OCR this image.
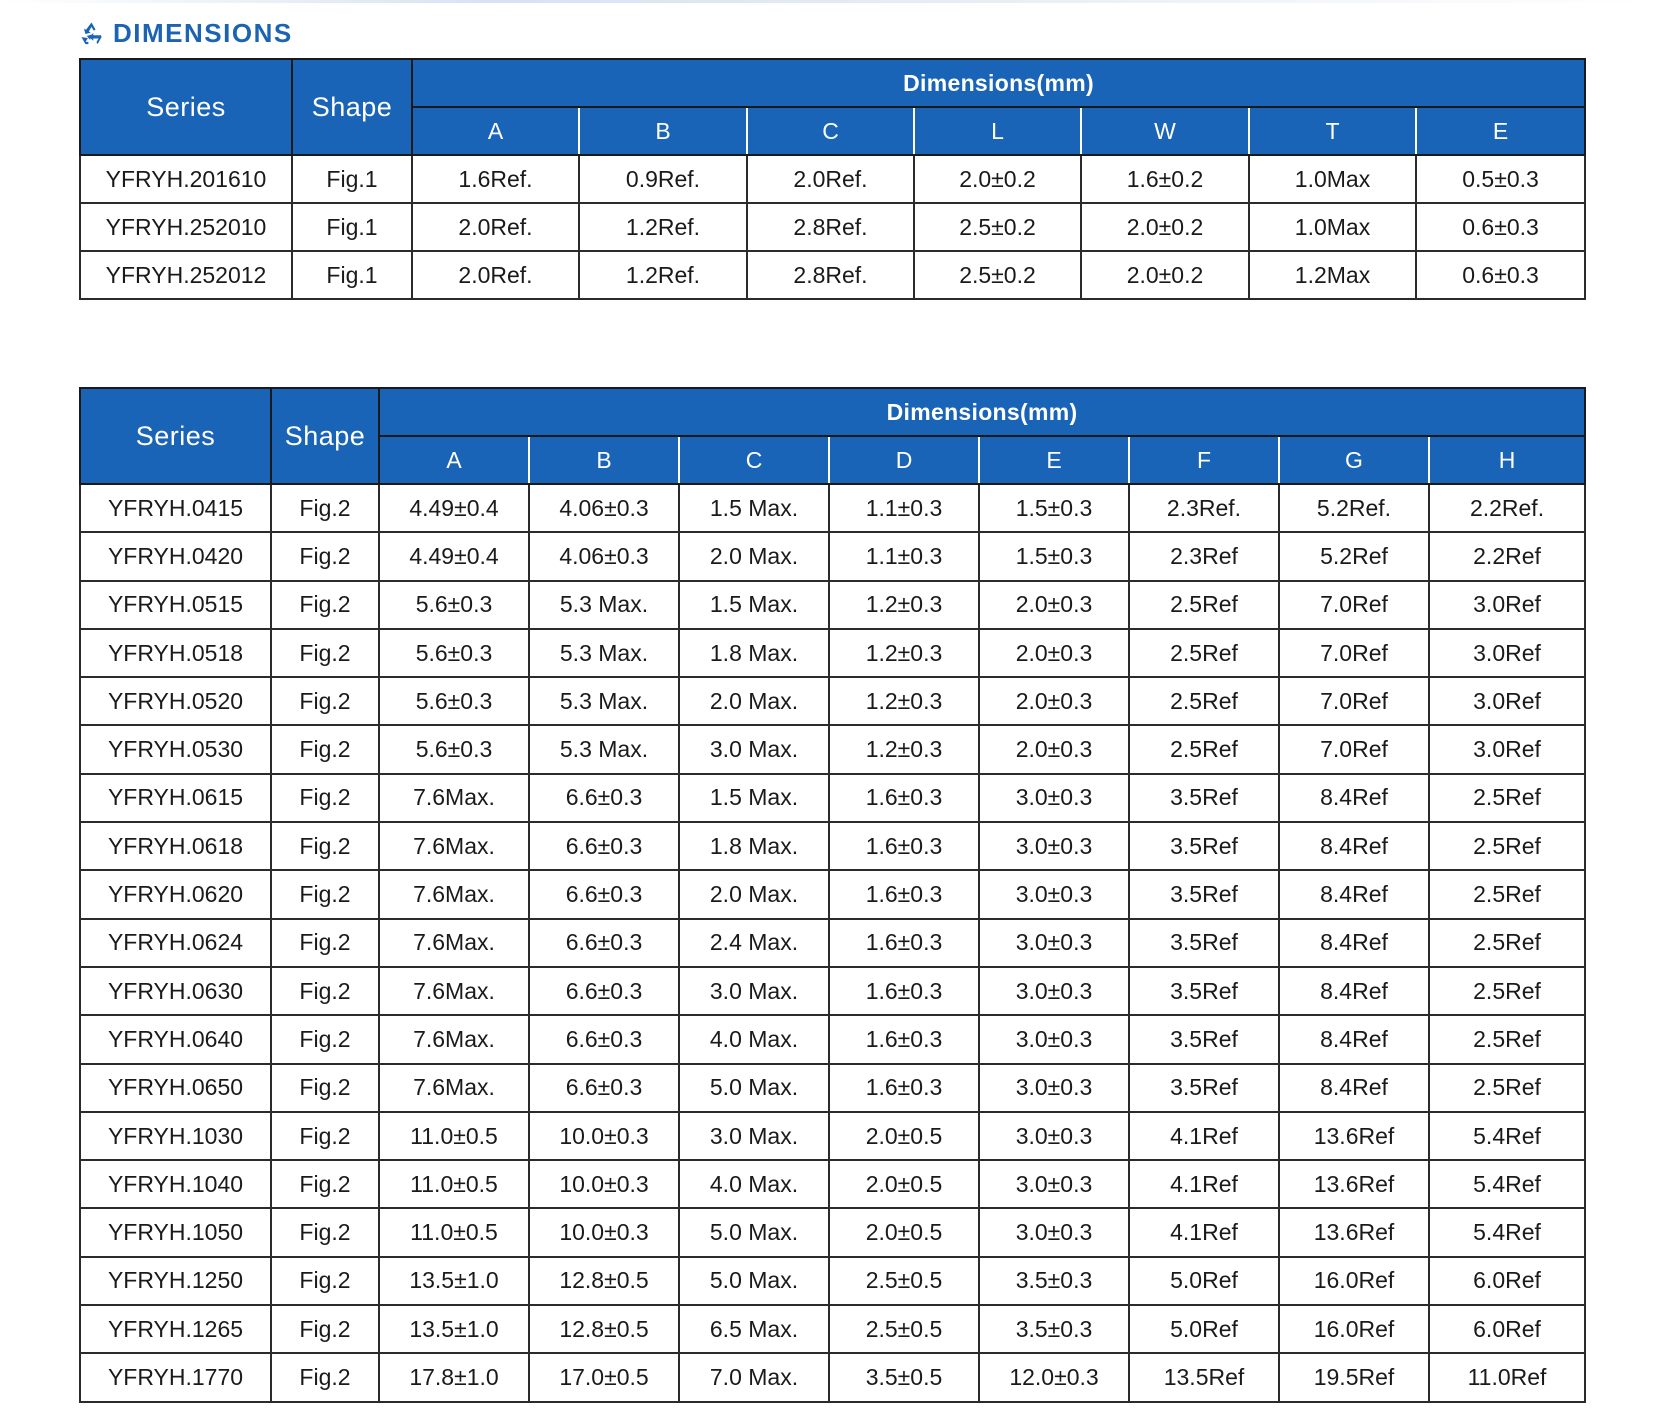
DIMENSIONS
Series	Shape	Dimensions(mm)						
		A	B	C	L	W	T	E
YFRYH.201610	Fig.1	1.6Ref.	0.9Ref.	2.0Ref.	2.0±0.2	1.6±0.2	1.0Max	0.5±0.3
YFRYH.252010	Fig.1	2.0Ref.	1.2Ref.	2.8Ref.	2.5±0.2	2.0±0.2	1.0Max	0.6±0.3
YFRYH.252012	Fig.1	2.0Ref.	1.2Ref.	2.8Ref.	2.5±0.2	2.0±0.2	1.2Max	0.6±0.3
Series	Shape	Dimensions(mm)							
		A	B	C	D	E	F	G	H
YFRYH.0415	Fig.2	4.49±0.4	4.06±0.3	1.5 Max.	1.1±0.3	1.5±0.3	2.3Ref.	5.2Ref.	2.2Ref.
YFRYH.0420	Fig.2	4.49±0.4	4.06±0.3	2.0 Max.	1.1±0.3	1.5±0.3	2.3Ref	5.2Ref	2.2Ref
YFRYH.0515	Fig.2	5.6±0.3	5.3 Max.	1.5 Max.	1.2±0.3	2.0±0.3	2.5Ref	7.0Ref	3.0Ref
YFRYH.0518	Fig.2	5.6±0.3	5.3 Max.	1.8 Max.	1.2±0.3	2.0±0.3	2.5Ref	7.0Ref	3.0Ref
YFRYH.0520	Fig.2	5.6±0.3	5.3 Max.	2.0 Max.	1.2±0.3	2.0±0.3	2.5Ref	7.0Ref	3.0Ref
YFRYH.0530	Fig.2	5.6±0.3	5.3 Max.	3.0 Max.	1.2±0.3	2.0±0.3	2.5Ref	7.0Ref	3.0Ref
YFRYH.0615	Fig.2	7.6Max.	6.6±0.3	1.5 Max.	1.6±0.3	3.0±0.3	3.5Ref	8.4Ref	2.5Ref
YFRYH.0618	Fig.2	7.6Max.	6.6±0.3	1.8 Max.	1.6±0.3	3.0±0.3	3.5Ref	8.4Ref	2.5Ref
YFRYH.0620	Fig.2	7.6Max.	6.6±0.3	2.0 Max.	1.6±0.3	3.0±0.3	3.5Ref	8.4Ref	2.5Ref
YFRYH.0624	Fig.2	7.6Max.	6.6±0.3	2.4 Max.	1.6±0.3	3.0±0.3	3.5Ref	8.4Ref	2.5Ref
YFRYH.0630	Fig.2	7.6Max.	6.6±0.3	3.0 Max.	1.6±0.3	3.0±0.3	3.5Ref	8.4Ref	2.5Ref
YFRYH.0640	Fig.2	7.6Max.	6.6±0.3	4.0 Max.	1.6±0.3	3.0±0.3	3.5Ref	8.4Ref	2.5Ref
YFRYH.0650	Fig.2	7.6Max.	6.6±0.3	5.0 Max.	1.6±0.3	3.0±0.3	3.5Ref	8.4Ref	2.5Ref
YFRYH.1030	Fig.2	11.0±0.5	10.0±0.3	3.0 Max.	2.0±0.5	3.0±0.3	4.1Ref	13.6Ref	5.4Ref
YFRYH.1040	Fig.2	11.0±0.5	10.0±0.3	4.0 Max.	2.0±0.5	3.0±0.3	4.1Ref	13.6Ref	5.4Ref
YFRYH.1050	Fig.2	11.0±0.5	10.0±0.3	5.0 Max.	2.0±0.5	3.0±0.3	4.1Ref	13.6Ref	5.4Ref
YFRYH.1250	Fig.2	13.5±1.0	12.8±0.5	5.0 Max.	2.5±0.5	3.5±0.3	5.0Ref	16.0Ref	6.0Ref
YFRYH.1265	Fig.2	13.5±1.0	12.8±0.5	6.5 Max.	2.5±0.5	3.5±0.3	5.0Ref	16.0Ref	6.0Ref
YFRYH.1770	Fig.2	17.8±1.0	17.0±0.5	7.0 Max.	3.5±0.5	12.0±0.3	13.5Ref	19.5Ref	11.0Ref
